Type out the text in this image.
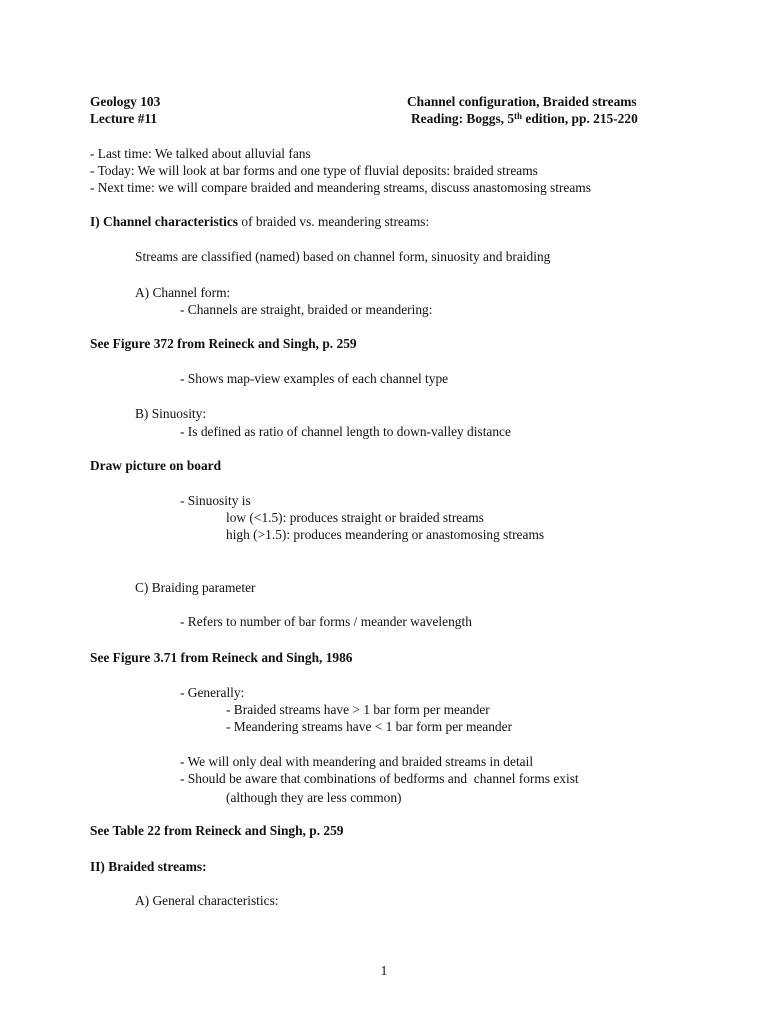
Geology 103	Channel configuration, Braided streams
Lecture #11	Reading: Boggs, 5th edition, pp. 215-220
- Last time: We talked about alluvial fans
- Today: We will look at bar forms and one type of fluvial deposits: braided streams
- Next time: we will compare braided and meandering streams, discuss anastomosing streams
I) Channel characteristics of braided vs. meandering streams:
Streams are classified (named) based on channel form, sinuosity and braiding
A) Channel form:
- Channels are straight, braided or meandering:
See Figure 372 from Reineck and Singh, p. 259
- Shows map-view examples of each channel type
B) Sinuosity:
- Is defined as ratio of channel length to down-valley distance
Draw picture on board
- Sinuosity is
low (<1.5): produces straight or braided streams
high (>1.5): produces meandering or anastomosing streams
C) Braiding parameter
- Refers to number of bar forms / meander wavelength
See Figure 3.71 from Reineck and Singh, 1986
- Generally:
- Braided streams have > 1 bar form per meander
- Meandering streams have < 1 bar form per meander
- We will only deal with meandering and braided streams in detail
- Should be aware that combinations of bedforms and  channel forms exist
(although they are less common)
See Table 22 from Reineck and Singh, p. 259
II) Braided streams:
A) General characteristics:
1
